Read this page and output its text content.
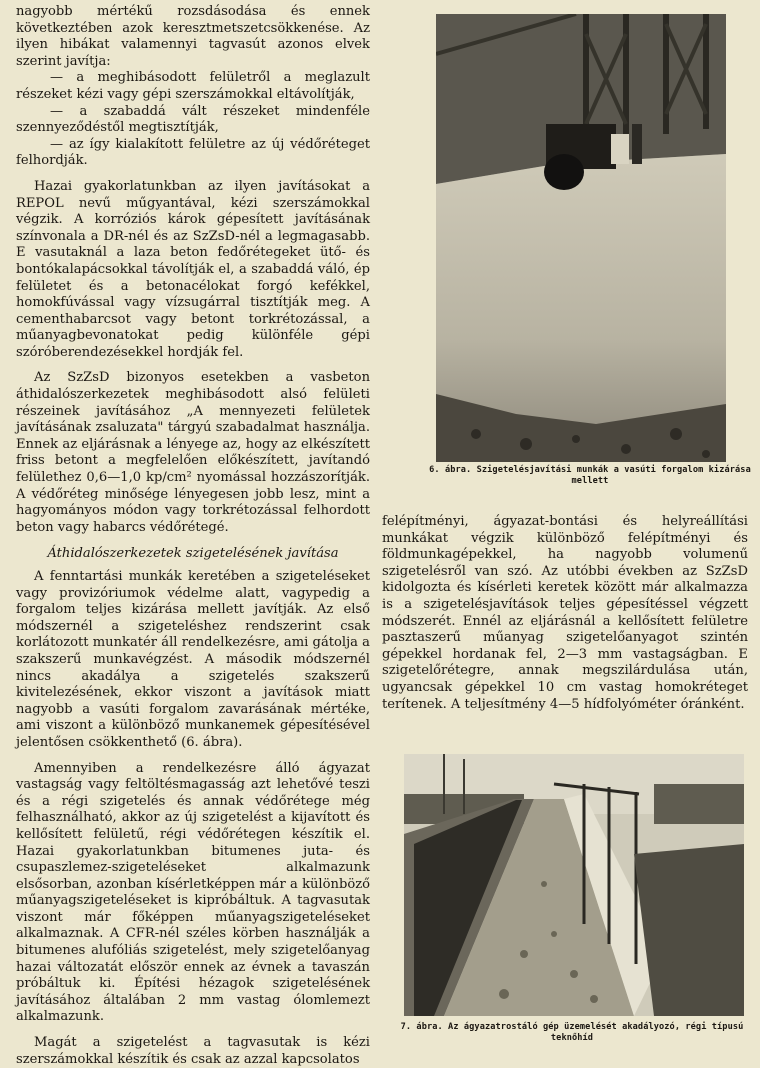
nagyobb mértékű rozsdásodása és ennek következtében azok keresztmetszetcsökkenése. Az ilyen hibákat valamennyi tagvasút azonos elvek szerint javítja:

— a meghibásodott felületről a meglazult részeket kézi vagy gépi szerszámokkal eltávolítják,

— a szabaddá vált részeket mindenféle szennyeződéstől megtisztítják,

— az így kialakított felületre az új védőréteget felhordják.

Hazai gyakorlatunkban az ilyen javításokat a REPOL nevű műgyantával, kézi szerszámokkal végzik. A korróziós károk gépesített javításának színvonala a DR-nél és az SzZsD-nél a legmagasabb. E vasutaknál a laza beton fedőrétegeket ütő- és bontókalapácsokkal távolítják el, a szabaddá váló, ép felületet és a betonacélokat forgó kefékkel, homokfúvással vagy vízsugárral tisztítják meg. A cementhabarcsot vagy betont torkrétozással, a műanyagbevonatokat pedig különféle gépi szóróberendezésekkel hordják fel.

Az SzZsD bizonyos esetekben a vasbeton áthidalószerkezetek meghibásodott alsó felületi részeinek javításához „A mennyezeti felületek javításának zsaluzata" tárgyú szabadalmat használja. Ennek az eljárásnak a lényege az, hogy az elkészített friss betont a megfelelően előkészített, javítandó felülethez 0,6—1,0 kp/cm² nyomással hozzászorítják. A védőréteg minősége lényegesen jobb lesz, mint a hagyományos módon vagy torkrétozással felhordott beton vagy habarcs védőrétegé.

Áthidalószerkezetek szigetelésének javítása

A fenntartási munkák keretében a szigeteléseket vagy provizóriumok védelme alatt, vagypedig a forgalom teljes kizárása mellett javítják. Az első módszernél a szigeteléshez rendszerint csak korlátozott munkatér áll rendelkezésre, ami gátolja a szakszerű munkavégzést. A második módszernél nincs akadálya a szigetelés szakszerű kivitelezésének, ekkor viszont a javítások miatt nagyobb a vasúti forgalom zavarásának mértéke, ami viszont a különböző munkanemek gépesítésével jelentősen csökkenthető (6. ábra).

Amennyiben a rendelkezésre álló ágyazat vastagság vagy feltöltésmagasság azt lehetővé teszi és a régi szigetelés és annak védőrétege még felhasználható, akkor az új szigetelést a kijavított és kellősített felületű, régi védőrétegen készítik el. Hazai gyakorlatunkban bitumenes juta- és csupaszlemez-szigeteléseket alkalmazunk elsősorban, azonban kísérletképpen már a különböző műanyagszigeteléseket is kipróbáltuk. A tagvasutak viszont már főképpen műanyagszigeteléseket alkalmaznak. A CFR-nél széles körben használják a bitumenes alufóliás szigetelést, mely szigetelőanyag hazai változatát először ennek az évnek a tavaszán próbáltuk ki. Építési hézagok szigetelésének javításához általában 2 mm vastag ólomlemezt alkalmazunk.

Magát a szigetelést a tagvasutak is kézi szerszámokkal készítik és csak az azzal kapcsolatos

6. ábra. Szigetelésjavítási munkák a vasúti forgalom kizárása mellett

felépítményi, ágyazat-bontási és helyreállítási munkákat végzik különböző felépítményi és földmunkagépekkel, ha nagyobb volumenű szigetelésről van szó. Az utóbbi években az SzZsD kidolgozta és kísérleti keretek között már alkalmazza is a szigetelésjavítások teljes gépesítéssel végzett módszerét. Ennél az eljárásnál a kellősített felületre pasztaszerű műanyag szigetelőanyagot szintén gépekkel hordanak fel, 2—3 mm vastagságban. E szigetelőrétegre, annak megszilárdulása után, ugyancsak gépekkel 10 cm vastag homokréteget terítenek. A teljesítmény 4—5 hídfolyóméter óránként.

7. ábra. Az ágyazatrostáló gép üzemelését akadályozó, régi típusú teknőhíd
